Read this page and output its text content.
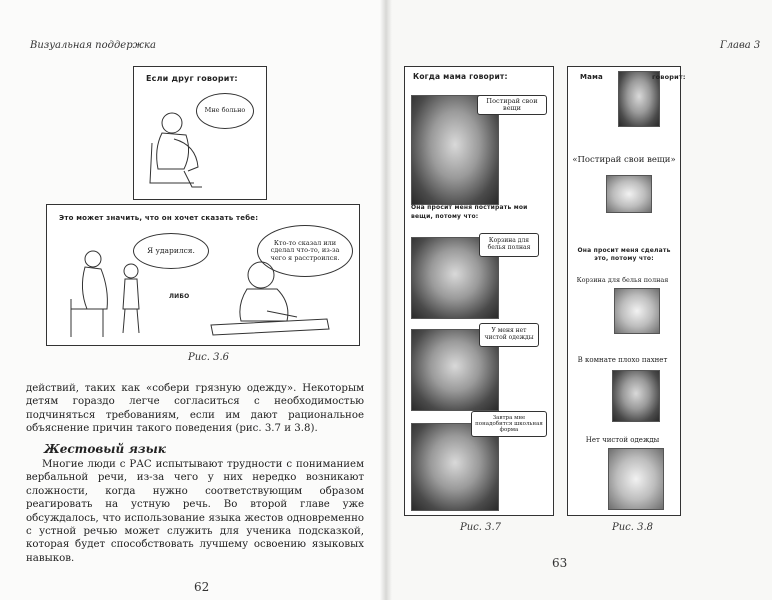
Визуальная поддержка
Если друг говорит:
Мне больно
Это может значить, что он хочет сказать тебе:
Я ударился.
Кто-то сказал или сделал что-то, из-за чего я расстроился.
ЛИБО
Рис. 3.6

действий, таких как «собери грязную одежду». Некоторым детям гораздо легче согласиться с необходимостью подчиняться требованиям, если им дают рациональное объяснение причин такого поведения (рис. 3.7 и 3.8).

Жестовый язык

Многие люди с РАС испытывают трудности с пониманием вербальной речи, из-за чего у них нередко возникают сложности, когда нужно соответствующим образом реагировать на устную речь. Во второй главе уже обсуждалось, что использование языка жестов одновременно с устной речью может служить для ученика подсказкой, которая будет способствовать лучшему освоению языковых навыков.

62
Глава 3
Когда мама говорит:
Постирай свои вещи
Она просит меня постирать мои вещи, потому что:
Корзина для белья полная
У меня нет чистой одежды
Завтра мне понадобится школьная форма
Рис. 3.7
Мама	говорит:
«Постирай свои вещи»
Она просит меня сделать это, потому что:
Корзина для белья полная
В комнате плохо пахнет
Нет чистой одежды
Рис. 3.8
63
